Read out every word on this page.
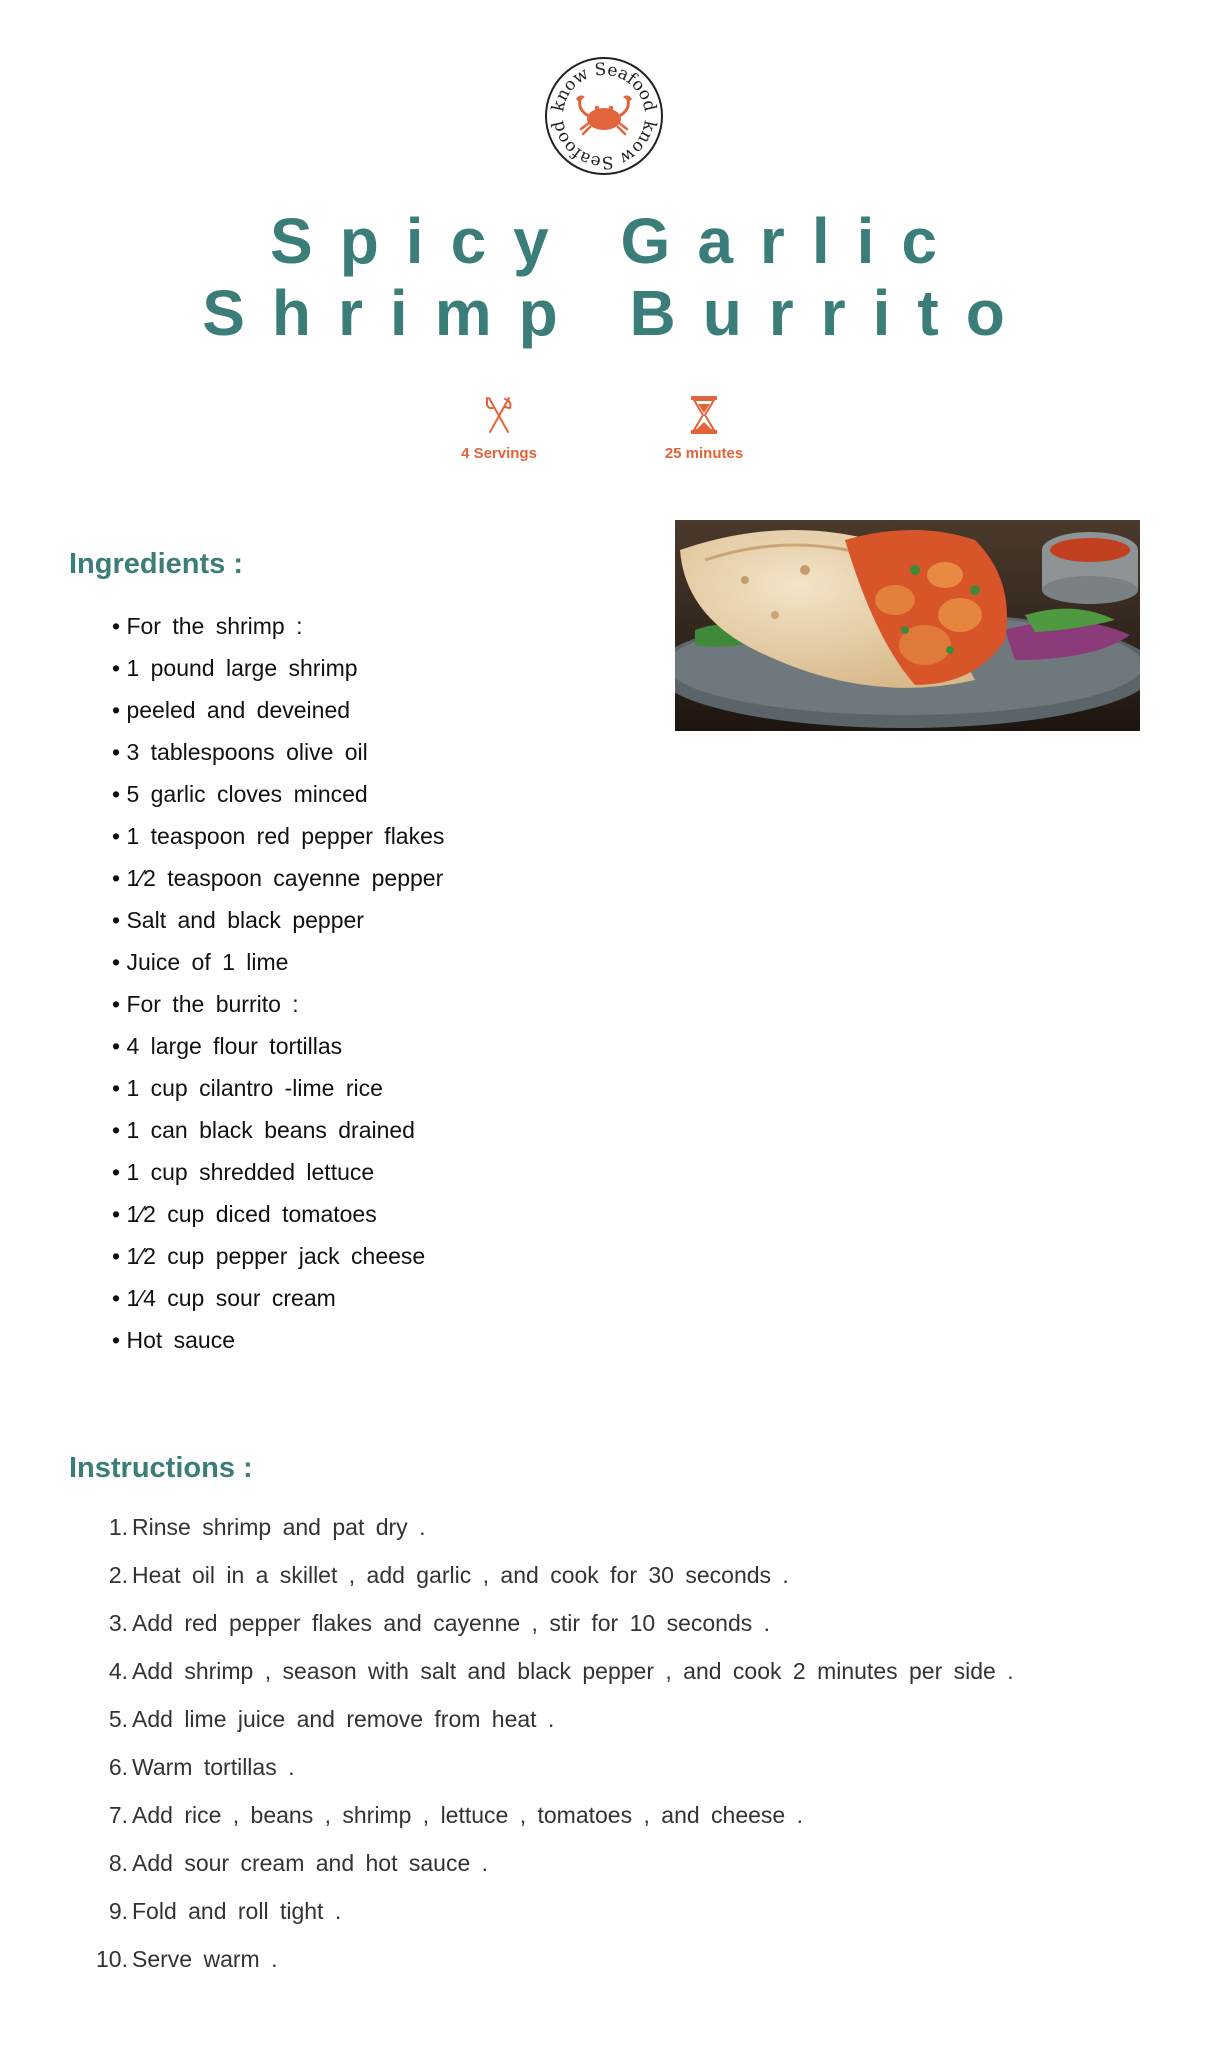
know Seafood
know Seafood
Spicy Garlic
Shrimp Burrito
4 Servings	25 minutes
Ingredients :
• For the shrimp :
• 1 pound large shrimp
• peeled and deveined
• 3 tablespoons olive oil
• 5 garlic cloves minced
• 1 teaspoon red pepper flakes
• 1⁄2 teaspoon cayenne pepper
• Salt and black pepper
• Juice of 1 lime
• For the burrito :
• 4 large flour tortillas
• 1 cup cilantro -lime rice
• 1 can black beans drained
• 1 cup shredded lettuce
• 1⁄2 cup diced tomatoes
• 1⁄2 cup pepper jack cheese
• 1⁄4 cup sour cream
• Hot sauce
Instructions :
1. Rinse shrimp and pat dry .
2. Heat oil in a skillet , add garlic , and cook for 30 seconds .
3. Add red pepper flakes and cayenne , stir for 10 seconds .
4. Add shrimp , season with salt and black pepper , and cook 2 minutes per side .
5. Add lime juice and remove from heat .
6. Warm tortillas .
7. Add rice , beans , shrimp , lettuce , tomatoes , and cheese .
8. Add sour cream and hot sauce .
9. Fold and roll tight .
10. Serve warm .
